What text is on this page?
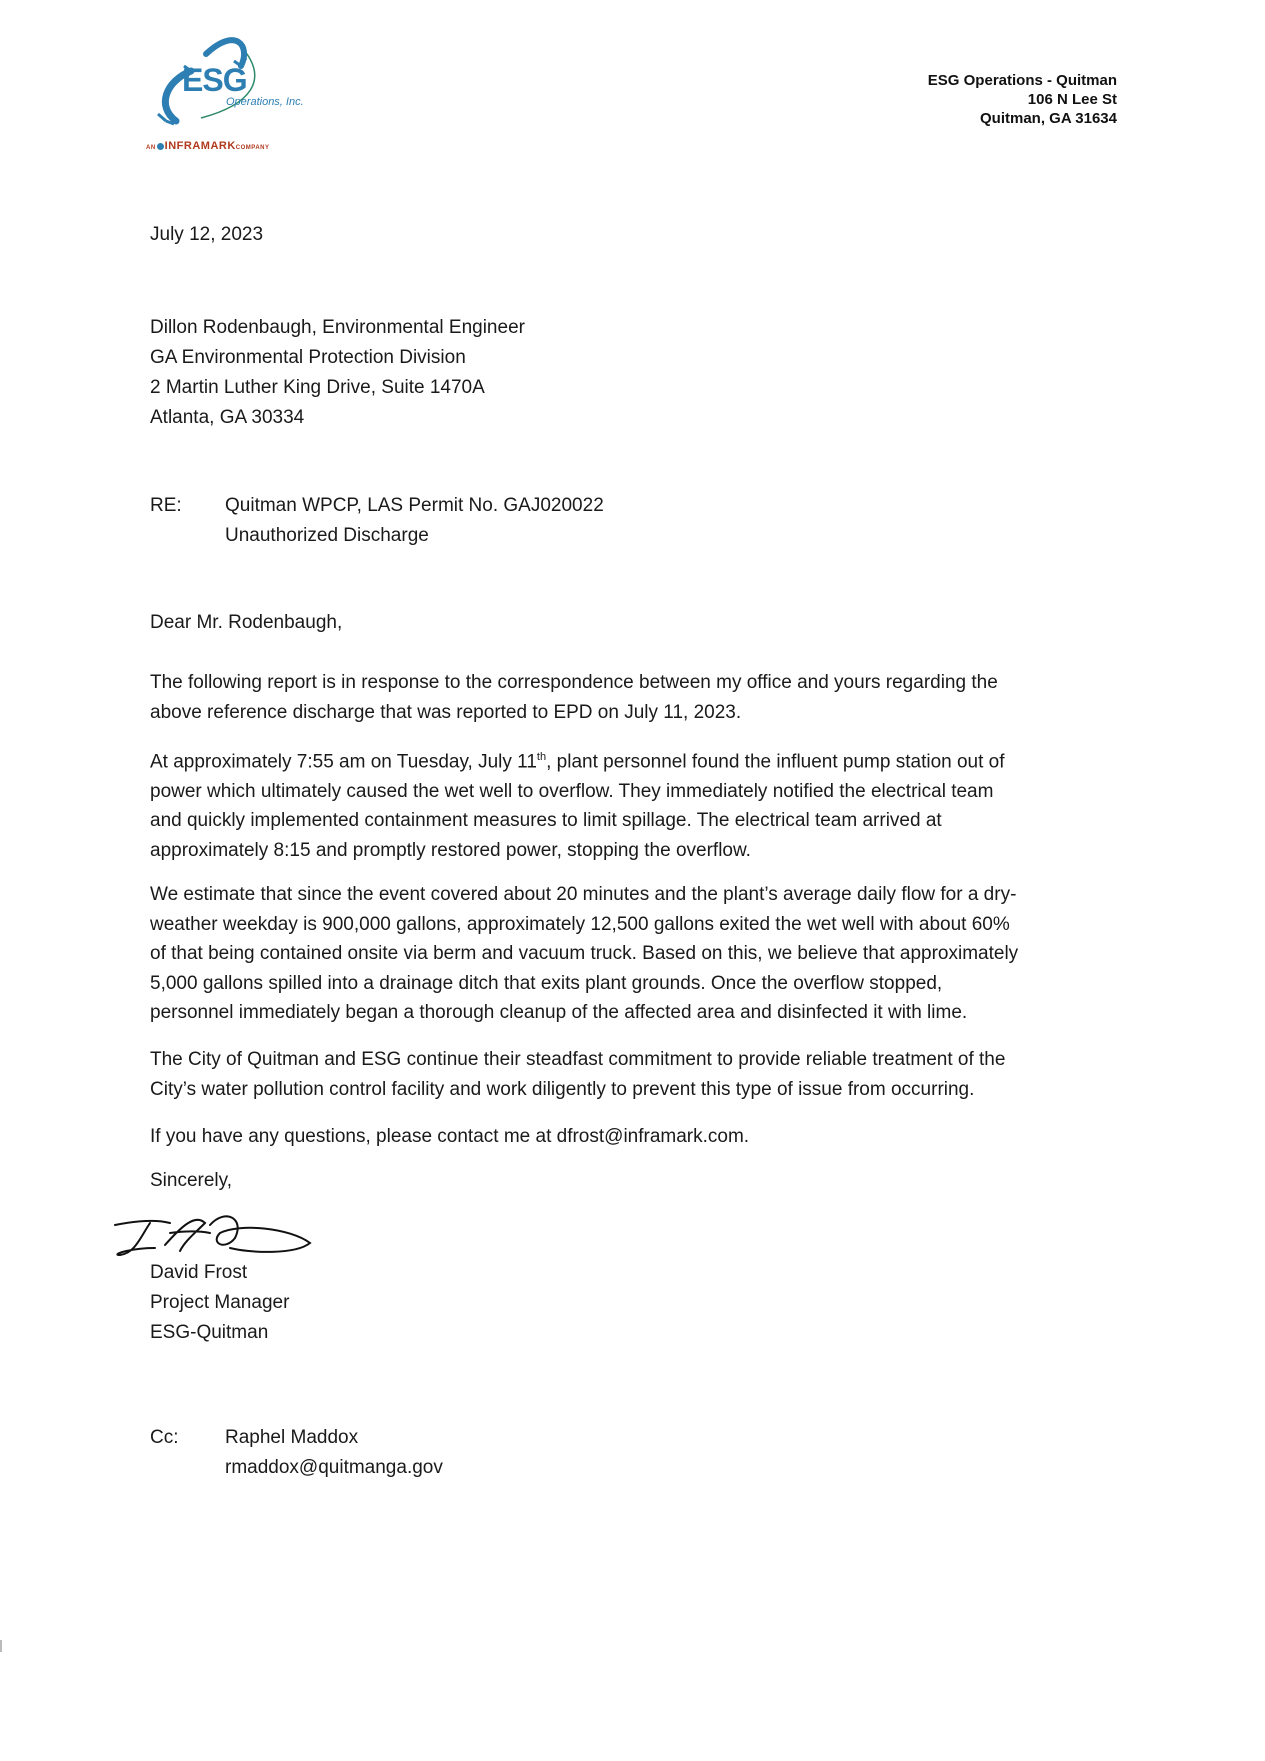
ESG
Operations, Inc.
AN INFRAMARKCOMPANY
ESG Operations - Quitman
106 N Lee St
Quitman, GA 31634
July 12, 2023
Dillon Rodenbaugh, Environmental Engineer
GA Environmental Protection Division
2 Martin Luther King Drive, Suite 1470A
Atlanta, GA 30334
RE: Quitman WPCP, LAS Permit No. GAJ020022
Unauthorized Discharge
Dear Mr. Rodenbaugh,
The following report is in response to the correspondence between my office and yours regarding the
above reference discharge that was reported to EPD on July 11, 2023.
At approximately 7:55 am on Tuesday, July 11th, plant personnel found the influent pump station out of
power which ultimately caused the wet well to overflow. They immediately notified the electrical team
and quickly implemented containment measures to limit spillage. The electrical team arrived at
approximately 8:15 and promptly restored power, stopping the overflow.
We estimate that since the event covered about 20 minutes and the plant’s average daily flow for a dry-
weather weekday is 900,000 gallons, approximately 12,500 gallons exited the wet well with about 60%
of that being contained onsite via berm and vacuum truck. Based on this, we believe that approximately
5,000 gallons spilled into a drainage ditch that exits plant grounds. Once the overflow stopped,
personnel immediately began a thorough cleanup of the affected area and disinfected it with lime.
The City of Quitman and ESG continue their steadfast commitment to provide reliable treatment of the
City’s water pollution control facility and work diligently to prevent this type of issue from occurring.
If you have any questions, please contact me at dfrost@inframark.com.
Sincerely,
David Frost
Project Manager
ESG-Quitman
Cc: Raphel Maddox
rmaddox@quitmanga.gov
